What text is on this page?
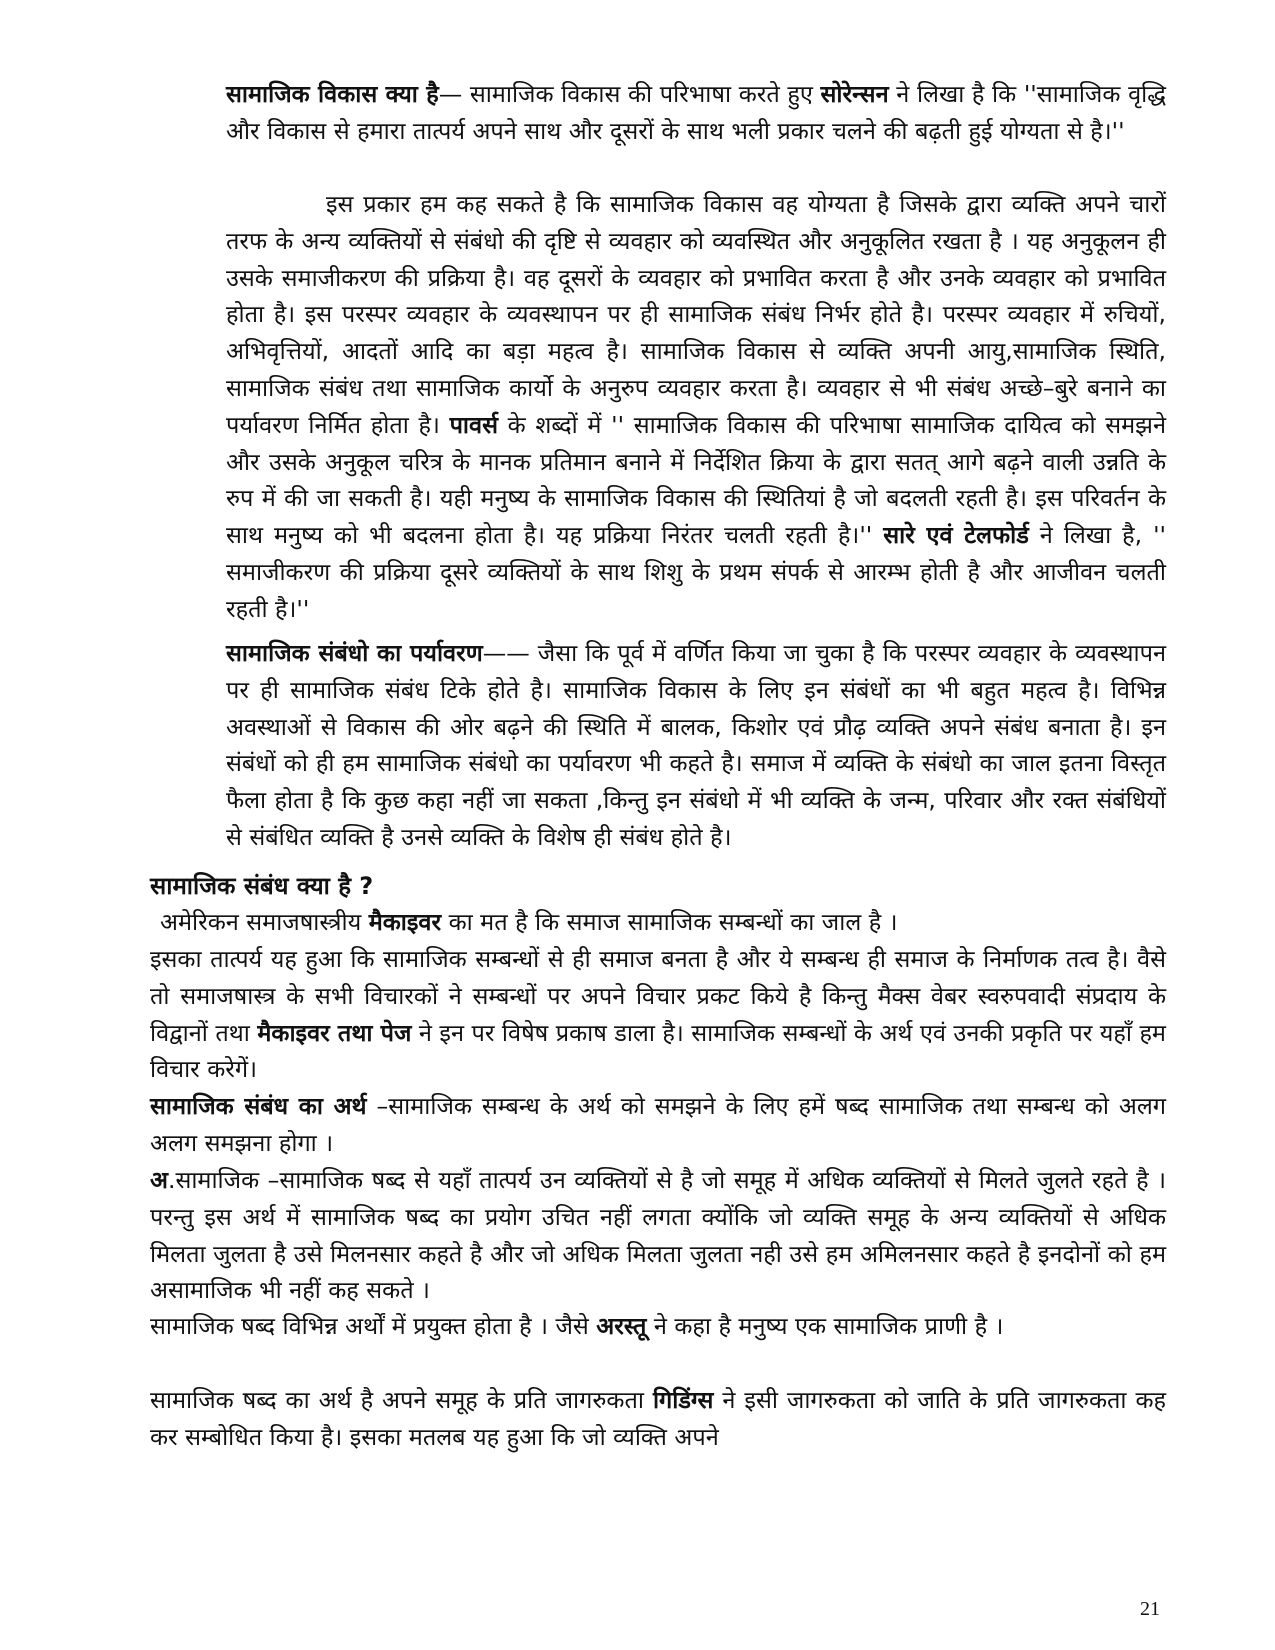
सामाजिक विकास क्या है— सामाजिक विकास की परिभाषा करते हुए सोरेन्सन ने लिखा है कि ''सामाजिक वृद्धि और विकास से हमारा तात्पर्य अपने साथ और दूसरों के साथ भली प्रकार चलने की बढ़ती हुई योग्यता से है।''

इस प्रकार हम कह सकते है कि सामाजिक विकास वह योग्यता है जिसके द्वारा व्यक्ति अपने चारों तरफ के अन्य व्यक्तियों से संबंधो की दृष्टि से व्यवहार को व्यवस्थित और अनुकूलित रखता है । यह अनुकूलन ही उसके समाजीकरण की प्रक्रिया है। वह दूसरों के व्यवहार को प्रभावित करता है और उनके व्यवहार को प्रभावित होता है। इस परस्पर व्यवहार के व्यवस्थापन पर ही सामाजिक संबंध निर्भर होते है। परस्पर व्यवहार में रुचियों, अभिवृत्तियों, आदतों आदि का बड़ा महत्व है। सामाजिक विकास से व्यक्ति अपनी आयु,सामाजिक स्थिति, सामाजिक संबंध तथा सामाजिक कार्यो के अनुरुप व्यवहार करता है। व्यवहार से भी संबंध अच्छे–बुरे बनाने का पर्यावरण निर्मित होता है। पावर्स के शब्दों में '' सामाजिक विकास की परिभाषा सामाजिक दायित्व को समझने और उसके अनुकूल चरित्र के मानक प्रतिमान बनाने में निर्देशित क्रिया के द्वारा सतत् आगे बढ़ने वाली उन्नति के रुप में की जा सकती है। यही मनुष्य के सामाजिक विकास की स्थितियां है जो बदलती रहती है। इस परिवर्तन के साथ मनुष्य को भी बदलना होता है। यह प्रक्रिया निरंतर चलती रहती है।'' सारे एवं टेलफोर्ड ने लिखा है, '' समाजीकरण की प्रक्रिया दूसरे व्यक्तियों के साथ शिशु के प्रथम संपर्क से आरम्भ होती है और आजीवन चलती रहती है।''

सामाजिक संबंधो का पर्यावरण—— जैसा कि पूर्व में वर्णित किया जा चुका है कि परस्पर व्यवहार के व्यवस्थापन पर ही सामाजिक संबंध टिके होते है। सामाजिक विकास के लिए इन संबंधों का भी बहुत महत्व है। विभिन्न अवस्थाओं से विकास की ओर बढ़ने की स्थिति में बालक, किशोर एवं प्रौढ़ व्यक्ति अपने संबंध बनाता है। इन संबंधों को ही हम सामाजिक संबंधो का पर्यावरण भी कहते है। समाज में व्यक्ति के संबंधो का जाल इतना विस्तृत फैला होता है कि कुछ कहा नहीं जा सकता ,किन्तु इन संबंधो में भी व्यक्ति के जन्म, परिवार और रक्त संबंधियों से संबंधित व्यक्ति है उनसे व्यक्ति के विशेष ही संबंध होते है।

सामाजिक संबंध क्या है ?

अमेरिकन समाजषास्त्रीय मैकाइवर का मत है कि समाज सामाजिक सम्बन्धों का जाल है ।

इसका तात्पर्य यह हुआ कि सामाजिक सम्बन्धों से ही समाज बनता है और ये सम्बन्ध ही समाज के निर्माणक तत्व है। वैसे तो समाजषास्त्र के सभी विचारकों ने सम्बन्धों पर अपने विचार प्रकट किये है किन्तु मैक्स वेबर स्वरुपवादी संप्रदाय के विद्वानों तथा मैकाइवर तथा पेज ने इन पर विषेष प्रकाष डाला है। सामाजिक सम्बन्धों के अर्थ एवं उनकी प्रकृति पर यहॉं हम विचार करेगें।

सामाजिक संबंध का अर्थ –सामाजिक सम्बन्ध के अर्थ को समझने के लिए हमें षब्द सामाजिक तथा सम्बन्ध को अलग अलग समझना होगा ।

अ.सामाजिक –सामाजिक षब्द से यहॉं तात्पर्य उन व्यक्तियों से है जो समूह में अधिक व्यक्तियों से मिलते जुलते रहते है । परन्तु इस अर्थ में सामाजिक षब्द का प्रयोग उचित नहीं लगता क्योंकि जो व्यक्ति समूह के अन्य व्यक्तियों से अधिक मिलता जुलता है उसे मिलनसार कहते है और जो अधिक मिलता जुलता नही उसे हम अमिलनसार कहते है इनदोनों को हम असामाजिक भी नहीं कह सकते ।

सामाजिक षब्द विभिन्न अर्थों में प्रयुक्त होता है । जैसे अरस्तू ने कहा है मनुष्य एक सामाजिक प्राणी है ।

सामाजिक षब्द का अर्थ है अपने समूह के प्रति जागरुकता गिडिंग्स ने इसी जागरुकता को जाति के प्रति जागरुकता कह कर सम्बोधित किया है। इसका मतलब यह हुआ कि जो व्यक्ति अपने

21
